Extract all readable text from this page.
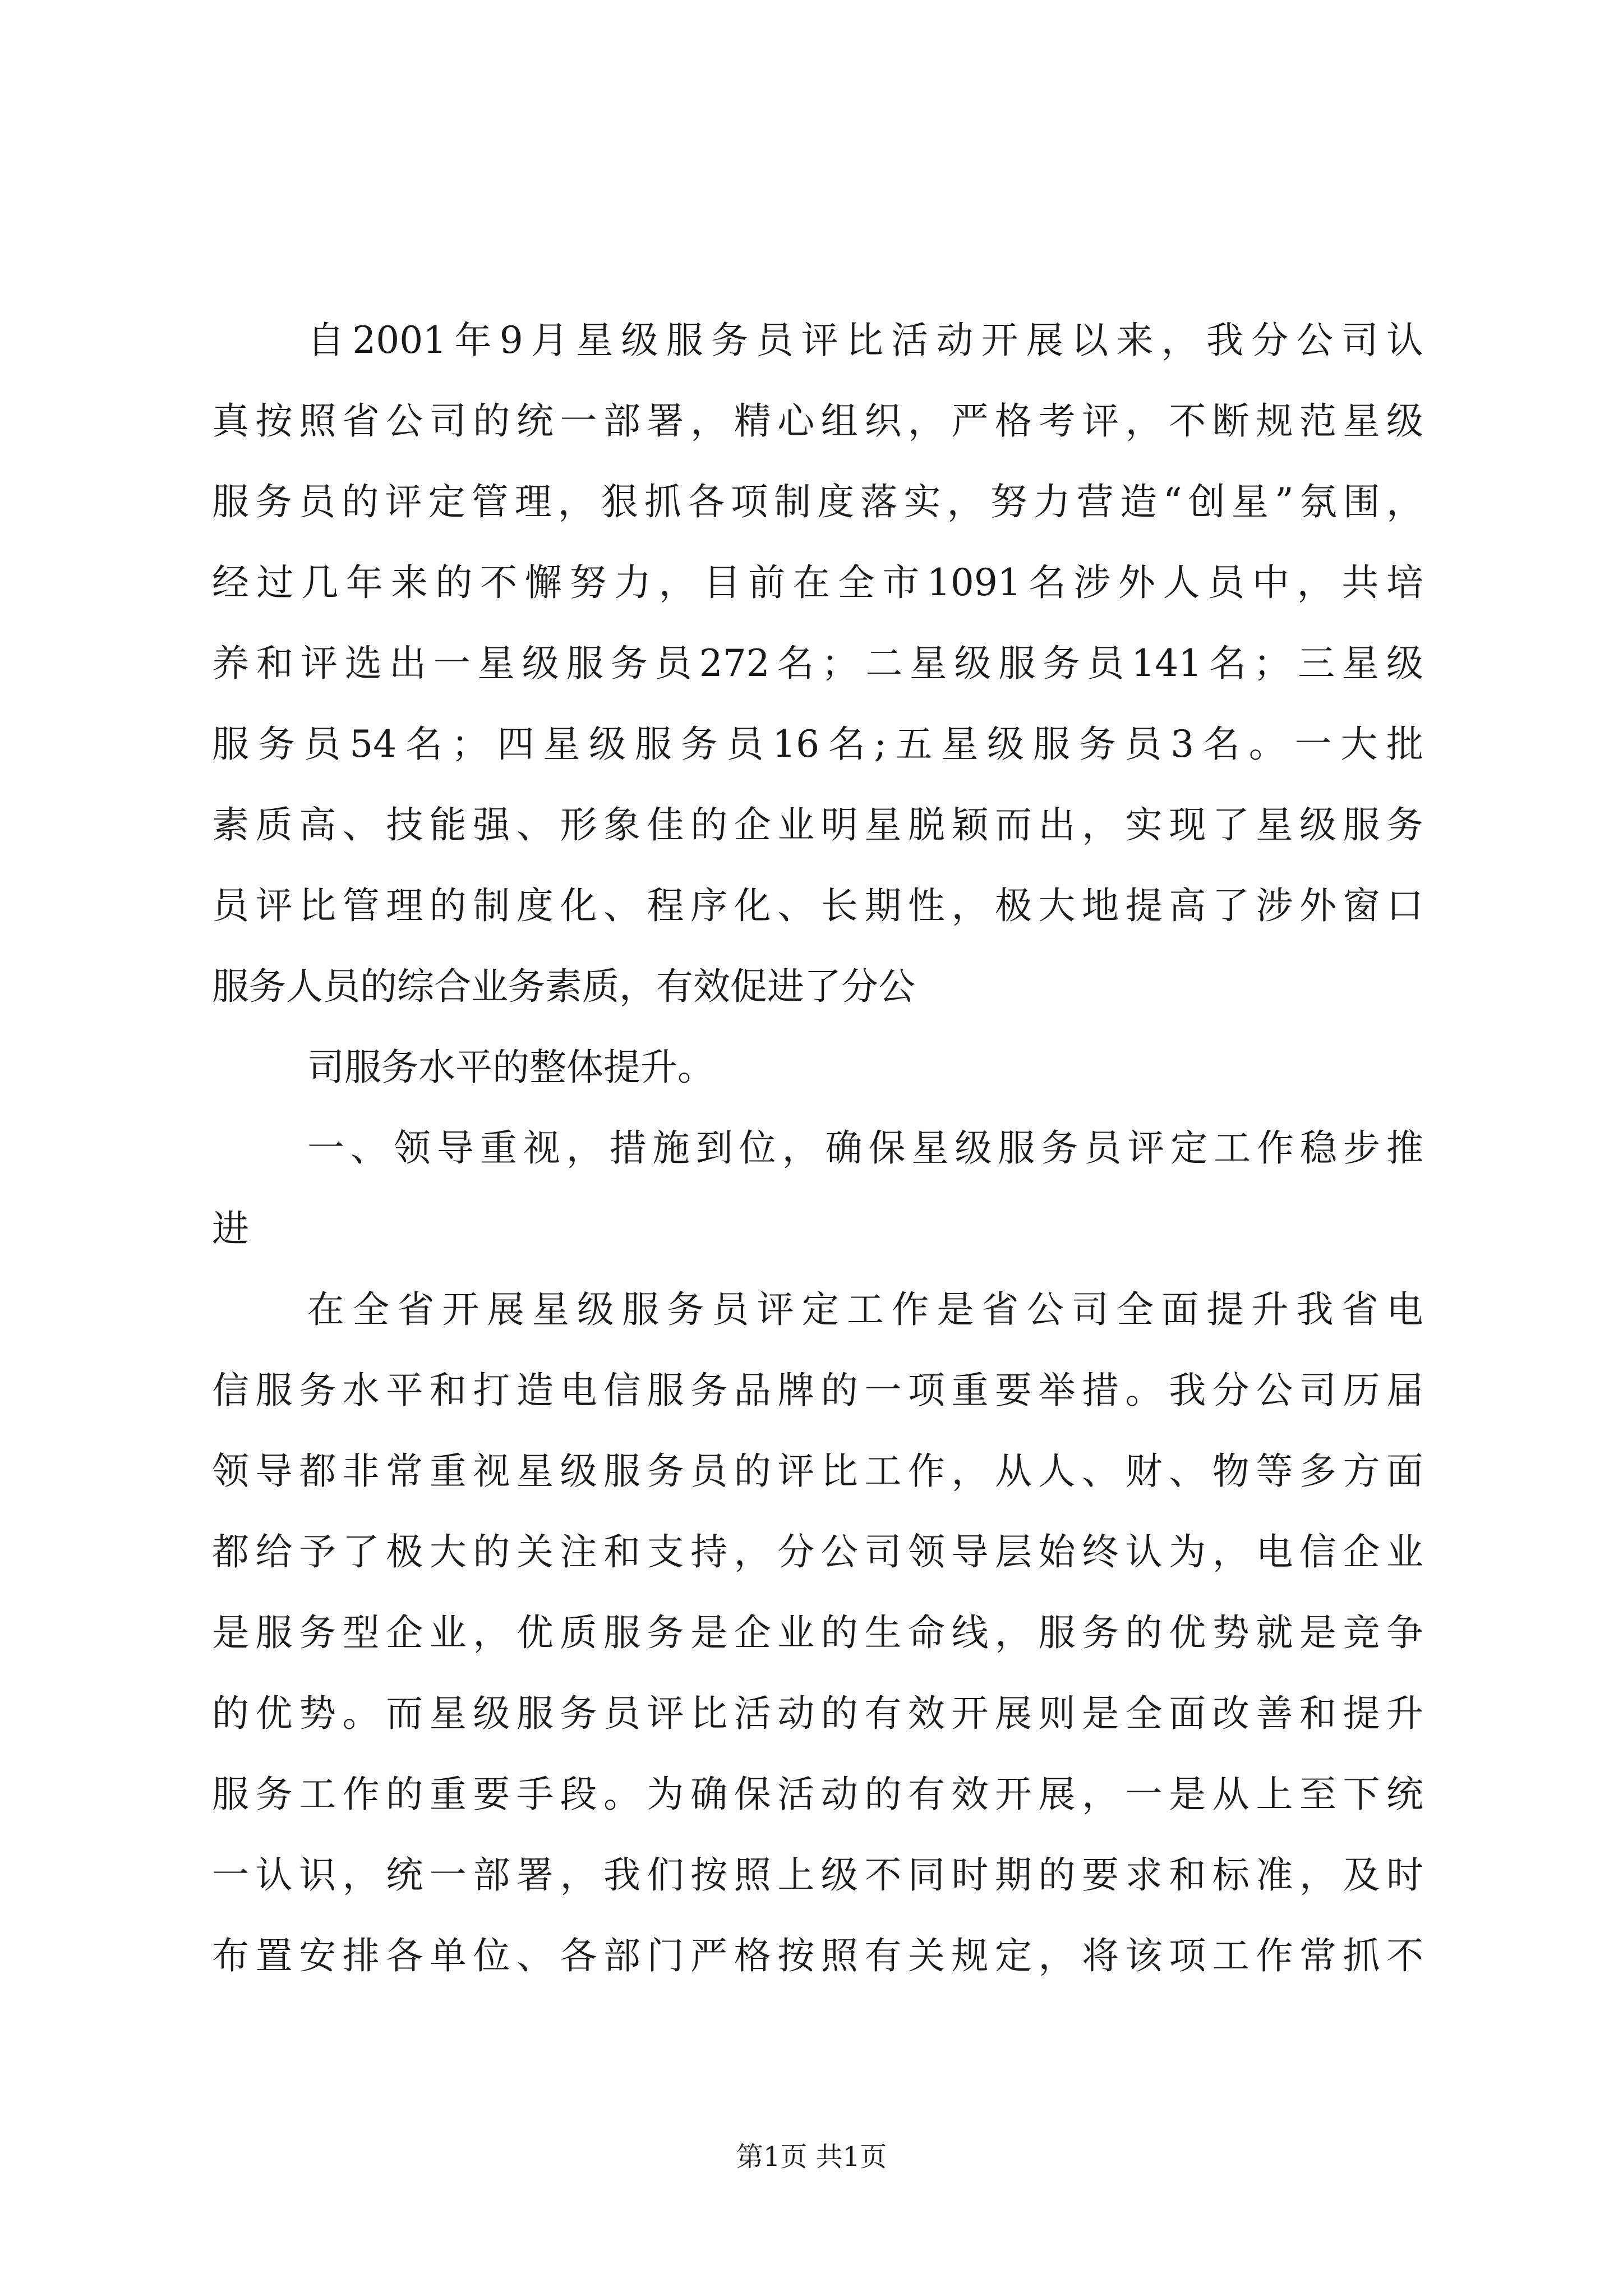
自2001年9月星级服务员评比活动开展以来，我分公司认
真按照省公司的统一部署，精心组织，严格考评，不断规范星级
服务员的评定管理，狠抓各项制度落实，努力营造“创星”氛围，
经过几年来的不懈努力，目前在全市1091名涉外人员中，共培
养和评选出一星级服务员272名；二星级服务员141名；三星级
服务员54名；四星级服务员16名;五星级服务员3名。一大批
素质高、技能强、形象佳的企业明星脱颖而出，实现了星级服务
员评比管理的制度化、程序化、长期性，极大地提高了涉外窗口
服务人员的综合业务素质，有效促进了分公
司服务水平的整体提升。
一、领导重视，措施到位，确保星级服务员评定工作稳步推
进
在全省开展星级服务员评定工作是省公司全面提升我省电
信服务水平和打造电信服务品牌的一项重要举措。我分公司历届
领导都非常重视星级服务员的评比工作，从人、财、物等多方面
都给予了极大的关注和支持，分公司领导层始终认为，电信企业
是服务型企业，优质服务是企业的生命线，服务的优势就是竞争
的优势。而星级服务员评比活动的有效开展则是全面改善和提升
服务工作的重要手段。为确保活动的有效开展，一是从上至下统
一认识，统一部署，我们按照上级不同时期的要求和标准，及时
布置安排各单位、各部门严格按照有关规定，将该项工作常抓不
第1页 共1页
